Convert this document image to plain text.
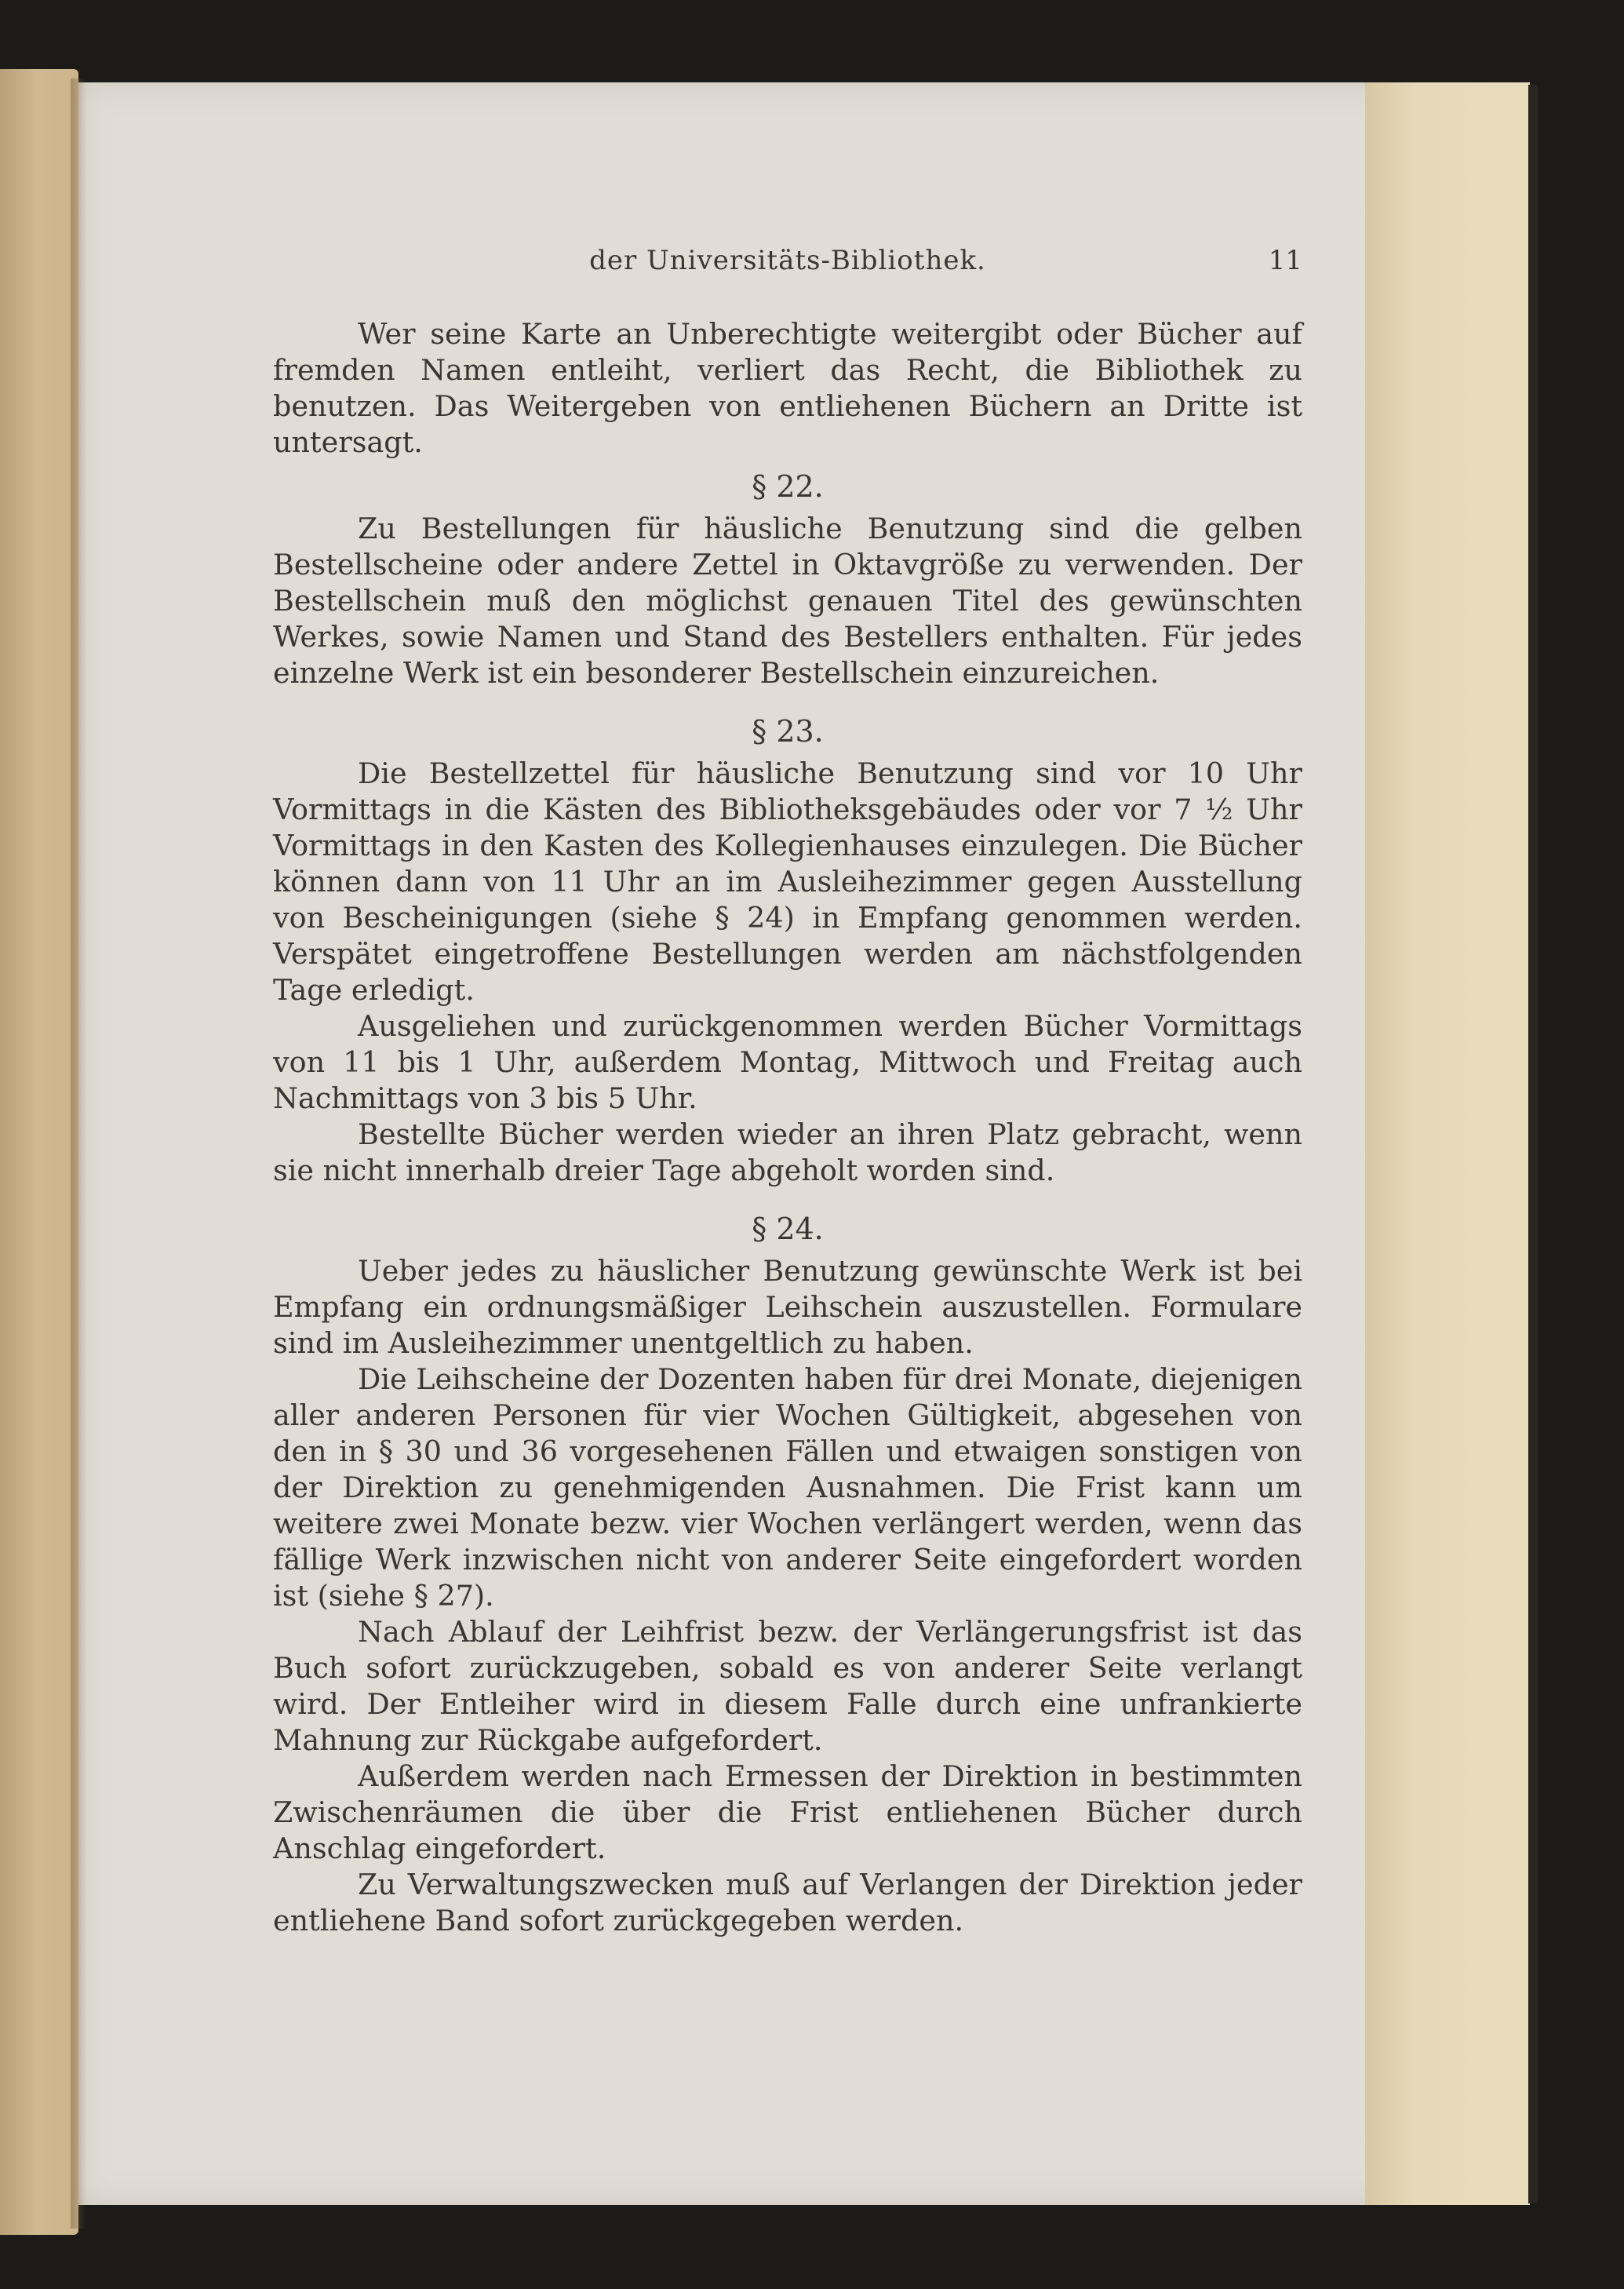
der Universitäts-Bibliothek.	11

Wer seine Karte an Unberechtigte weitergibt oder Bücher auf fremden Namen entleiht, verliert das Recht, die Bibliothek zu benutzen. Das Weitergeben von entliehenen Büchern an Dritte ist untersagt.

§ 22.

Zu Bestellungen für häusliche Benutzung sind die gelben Bestellscheine oder andere Zettel in Oktavgröße zu verwenden. Der Bestellschein muß den möglichst genauen Titel des gewünschten Werkes, sowie Namen und Stand des Bestellers enthalten. Für jedes einzelne Werk ist ein besonderer Bestellschein einzureichen.

§ 23.

Die Bestellzettel für häusliche Benutzung sind vor 10 Uhr Vormittags in die Kästen des Bibliotheksgebäudes oder vor 7 ½ Uhr Vormittags in den Kasten des Kollegienhauses einzulegen. Die Bücher können dann von 11 Uhr an im Ausleihezimmer gegen Ausstellung von Bescheinigungen (siehe § 24) in Empfang genommen werden. Verspätet eingetroffene Bestellungen werden am nächstfolgenden Tage erledigt.

Ausgeliehen und zurückgenommen werden Bücher Vormittags von 11 bis 1 Uhr, außerdem Montag, Mittwoch und Freitag auch Nachmittags von 3 bis 5 Uhr.

Bestellte Bücher werden wieder an ihren Platz gebracht, wenn sie nicht innerhalb dreier Tage abgeholt worden sind.

§ 24.

Ueber jedes zu häuslicher Benutzung gewünschte Werk ist bei Empfang ein ordnungsmäßiger Leihschein auszustellen. Formulare sind im Ausleihezimmer unentgeltlich zu haben.

Die Leihscheine der Dozenten haben für drei Monate, diejenigen aller anderen Personen für vier Wochen Gültigkeit, abgesehen von den in § 30 und 36 vorgesehenen Fällen und etwaigen sonstigen von der Direktion zu genehmigenden Ausnahmen. Die Frist kann um weitere zwei Monate bezw. vier Wochen verlängert werden, wenn das fällige Werk inzwischen nicht von anderer Seite eingefordert worden ist (siehe § 27).

Nach Ablauf der Leihfrist bezw. der Verlängerungsfrist ist das Buch sofort zurückzugeben, sobald es von anderer Seite verlangt wird. Der Entleiher wird in diesem Falle durch eine unfrankierte Mahnung zur Rückgabe aufgefordert.

Außerdem werden nach Ermessen der Direktion in bestimmten Zwischenräumen die über die Frist entliehenen Bücher durch Anschlag eingefordert.

Zu Verwaltungszwecken muß auf Verlangen der Direktion jeder entliehene Band sofort zurückgegeben werden.
